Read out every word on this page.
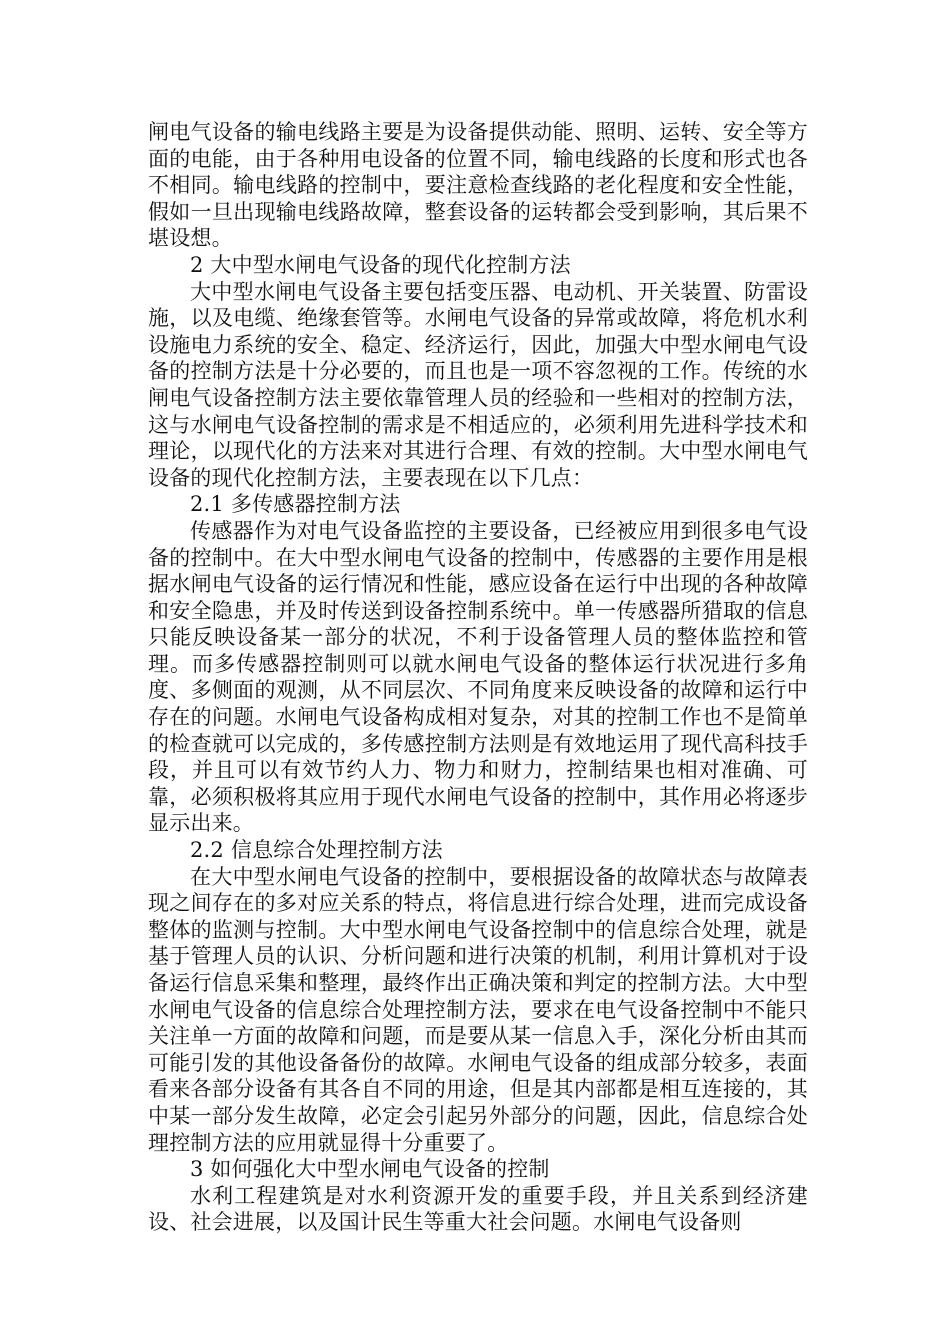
闸电气设备的输电线路主要是为设备提供动能、照明、运转、安全等方面的电能，由于各种用电设备的位置不同，输电线路的长度和形式也各不相同。输电线路的控制中，要注意检查线路的老化程度和安全性能，假如一旦出现输电线路故障，整套设备的运转都会受到影响，其后果不堪设想。

2 大中型水闸电气设备的现代化控制方法

大中型水闸电气设备主要包括变压器、电动机、开关装置、防雷设施，以及电缆、绝缘套管等。水闸电气设备的异常或故障，将危机水利设施电力系统的安全、稳定、经济运行，因此，加强大中型水闸电气设备的控制方法是十分必要的，而且也是一项不容忽视的工作。传统的水闸电气设备控制方法主要依靠管理人员的经验和一些相对的控制方法，这与水闸电气设备控制的需求是不相适应的，必须利用先进科学技术和理论，以现代化的方法来对其进行合理、有效的控制。大中型水闸电气设备的现代化控制方法，主要表现在以下几点：

2.1 多传感器控制方法

传感器作为对电气设备监控的主要设备，已经被应用到很多电气设备的控制中。在大中型水闸电气设备的控制中，传感器的主要作用是根据水闸电气设备的运行情况和性能，感应设备在运行中出现的各种故障和安全隐患，并及时传送到设备控制系统中。单一传感器所猎取的信息只能反映设备某一部分的状况，不利于设备管理人员的整体监控和管理。而多传感器控制则可以就水闸电气设备的整体运行状况进行多角度、多侧面的观测，从不同层次、不同角度来反映设备的故障和运行中存在的问题。水闸电气设备构成相对复杂，对其的控制工作也不是简单的检查就可以完成的，多传感控制方法则是有效地运用了现代高科技手段，并且可以有效节约人力、物力和财力，控制结果也相对准确、可靠，必须积极将其应用于现代水闸电气设备的控制中，其作用必将逐步显示出来。

2.2 信息综合处理控制方法

在大中型水闸电气设备的控制中，要根据设备的故障状态与故障表现之间存在的多对应关系的特点，将信息进行综合处理，进而完成设备整体的监测与控制。大中型水闸电气设备控制中的信息综合处理，就是基于管理人员的认识、分析问题和进行决策的机制，利用计算机对于设备运行信息采集和整理，最终作出正确决策和判定的控制方法。大中型水闸电气设备的信息综合处理控制方法，要求在电气设备控制中不能只关注单一方面的故障和问题，而是要从某一信息入手，深化分析由其而可能引发的其他设备备份的故障。水闸电气设备的组成部分较多，表面看来各部分设备有其各自不同的用途，但是其内部都是相互连接的，其中某一部分发生故障，必定会引起另外部分的问题，因此，信息综合处理控制方法的应用就显得十分重要了。

3 如何强化大中型水闸电气设备的控制

水利工程建筑是对水利资源开发的重要手段，并且关系到经济建设、社会进展，以及国计民生等重大社会问题。水闸电气设备则
